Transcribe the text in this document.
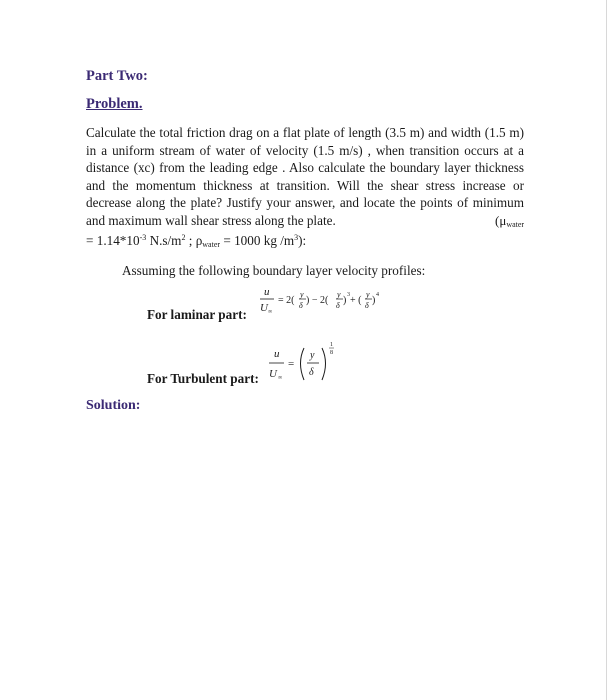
Part Two:
Problem.
Calculate the total friction drag on a flat plate of length (3.5 m) and width (1.5 m) in a uniform stream of water of velocity (1.5 m/s) , when transition occurs at a distance (xc) from the leading edge . Also calculate the boundary layer thickness and the momentum thickness at transition. Will the shear stress increase or decrease along the plate? Justify your answer, and locate the points of minimum and maximum wall shear stress along the plate.	($\mu_{water}$
= $1.14*10^{-3}$ $N.s/m^2$ ; $\rho_{water} = 1000$ kg $/m^3$):
Assuming the following boundary layer velocity profiles:
For laminar part:
u
U ∞
= 2(
y
δ ) − 2(
y
δ ) 3 + (
y
δ ) 4
For Turbulent part:
u
U ∞
=
y
δ
1
8
Solution:
